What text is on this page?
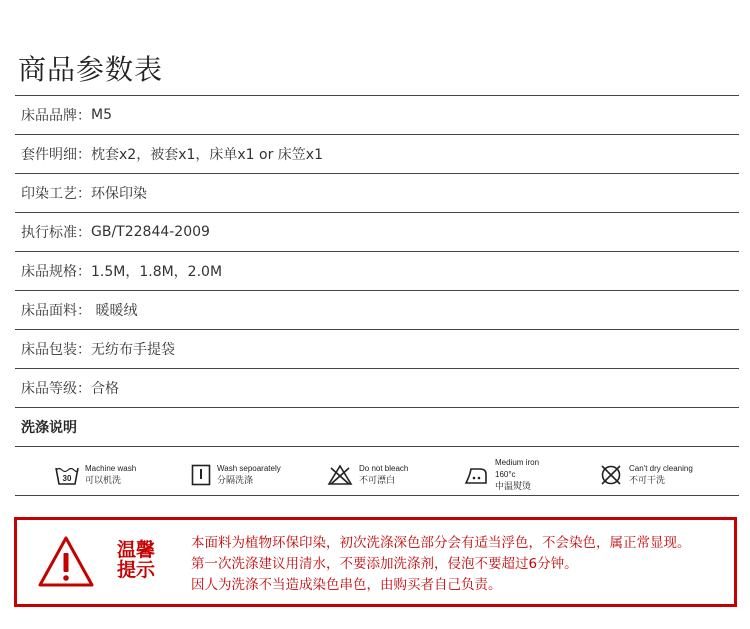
商品参数表
床品品牌： M5
套件明细： 枕套x2，被套x1，床单x1 or 床笠x1
印染工艺： 环保印染
执行标准： GB/T22844-2009
床品规格： 1.5M，1.8M，2.0M
床品面料： 暖暖绒
床品包装： 无纺布手提袋
床品等级： 合格
洗涤说明
30
Machine wash
可以机洗
Wash sepoarately
分隔洗涤
Do not bleach
不可漂白
Medium iron 160°c
中温熨烫
Can't dry cleaning
不可干洗
温馨
提示
本面料为植物环保印染，初次洗涤深色部分会有适当浮色，不会染色，属正常显现。
第一次洗涤建议用清水，不要添加洗涤剂，侵泡不要超过6分钟。
因人为洗涤不当造成染色串色，由购买者自己负责。
